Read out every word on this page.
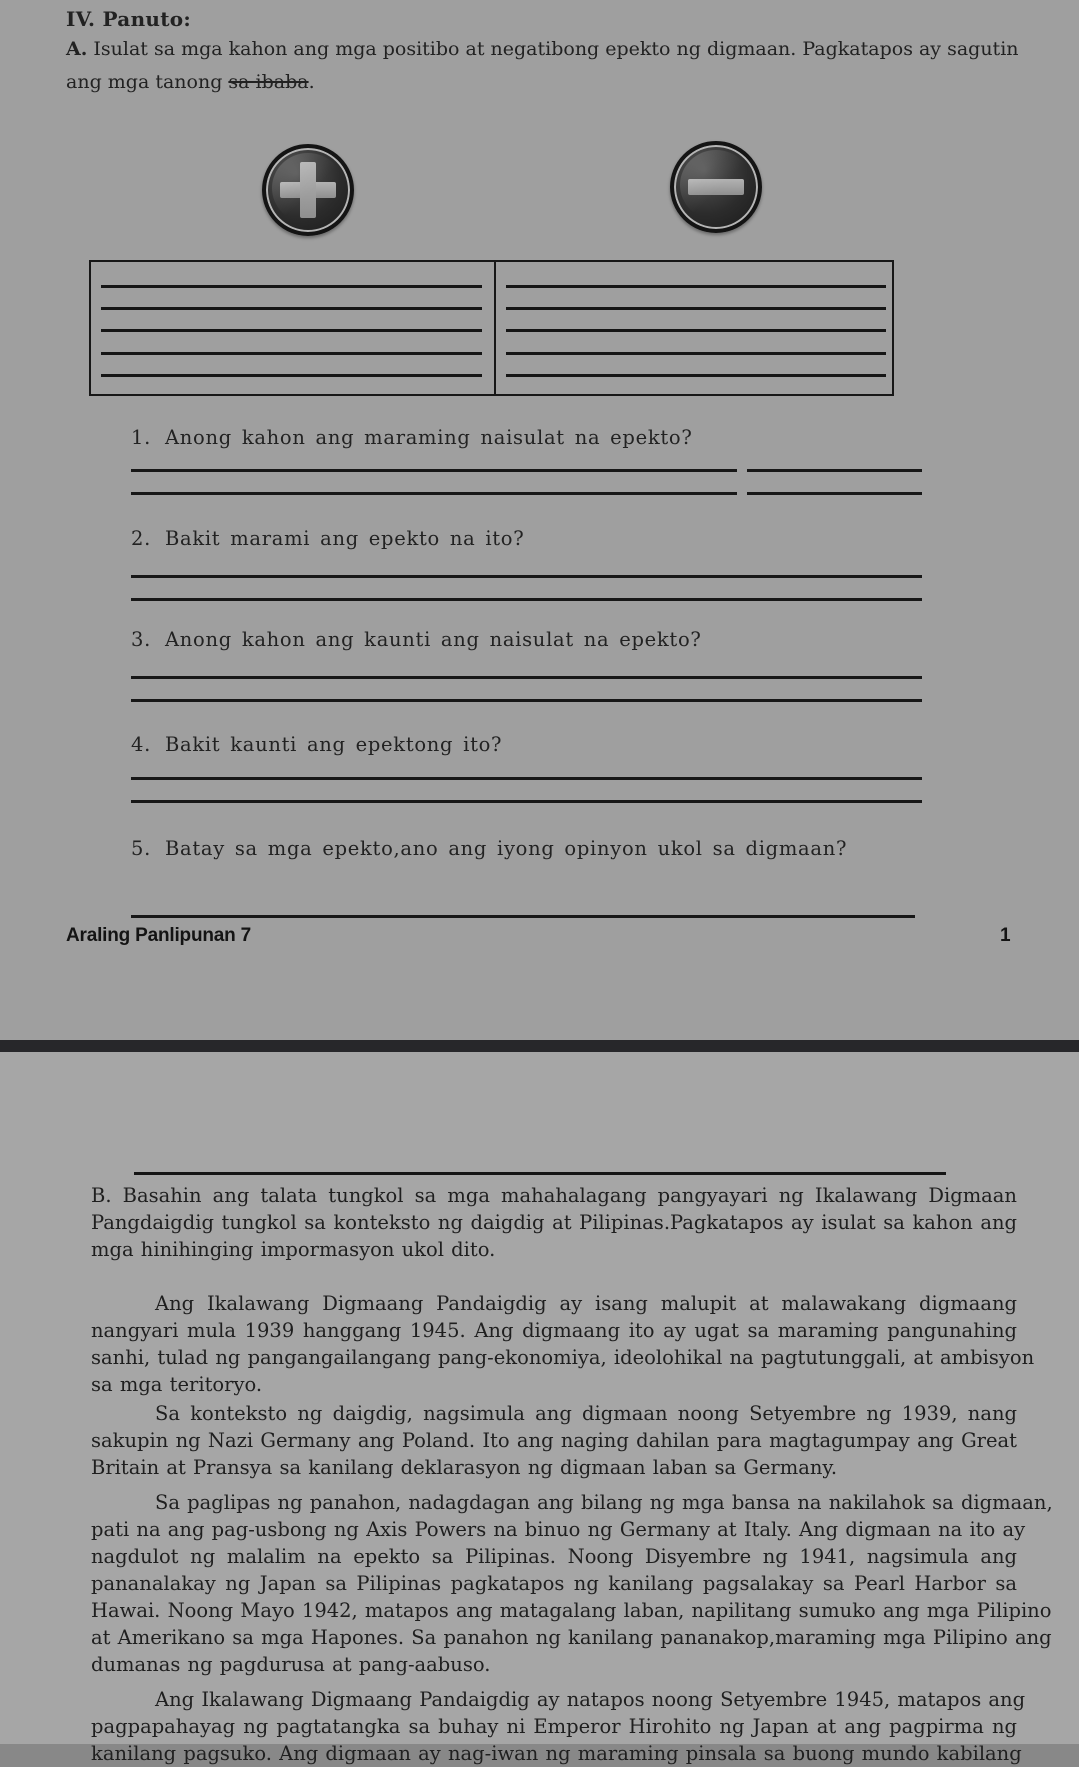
IV. Panuto:
A. Isulat sa mga kahon ang mga positibo at negatibong epekto ng digmaan. Pagkatapos ay sagutin
ang mga tanong sa ibaba.
1. Anong kahon ang maraming naisulat na epekto?
2. Bakit marami ang epekto na ito?
3. Anong kahon ang kaunti ang naisulat na epekto?
4. Bakit kaunti ang epektong ito?
5. Batay sa mga epekto,ano ang iyong opinyon ukol sa digmaan?
Araling Panlipunan 7	1
B. Basahin ang talata tungkol sa mga mahahalagang pangyayari ng Ikalawang Digmaan
Pangdaigdig tungkol sa konteksto ng daigdig at Pilipinas.Pagkatapos ay isulat sa kahon ang
mga hinihinging impormasyon ukol dito.
Ang Ikalawang Digmaang Pandaigdig ay isang malupit at malawakang digmaang
nangyari mula 1939 hanggang 1945. Ang digmaang ito ay ugat sa maraming pangunahing
sanhi, tulad ng pangangailangang pang-ekonomiya, ideolohikal na pagtutunggali, at ambisyon
sa mga teritoryo.
Sa konteksto ng daigdig, nagsimula ang digmaan noong Setyembre ng 1939, nang
sakupin ng Nazi Germany ang Poland. Ito ang naging dahilan para magtagumpay ang Great
Britain at Pransya sa kanilang deklarasyon ng digmaan laban sa Germany.
Sa paglipas ng panahon, nadagdagan ang bilang ng mga bansa na nakilahok sa digmaan,
pati na ang pag-usbong ng Axis Powers na binuo ng Germany at Italy. Ang digmaan na ito ay
nagdulot ng malalim na epekto sa Pilipinas. Noong Disyembre ng 1941, nagsimula ang
pananalakay ng Japan sa Pilipinas pagkatapos ng kanilang pagsalakay sa Pearl Harbor sa
Hawai. Noong Mayo 1942, matapos ang matagalang laban, napilitang sumuko ang mga Pilipino
at Amerikano sa mga Hapones. Sa panahon ng kanilang pananakop,maraming mga Pilipino ang
dumanas ng pagdurusa at pang-aabuso.
Ang Ikalawang Digmaang Pandaigdig ay natapos noong Setyembre 1945, matapos ang
pagpapahayag ng pagtatangka sa buhay ni Emperor Hirohito ng Japan at ang pagpirma ng
kanilang pagsuko. Ang digmaan ay nag-iwan ng maraming pinsala sa buong mundo kabilang
